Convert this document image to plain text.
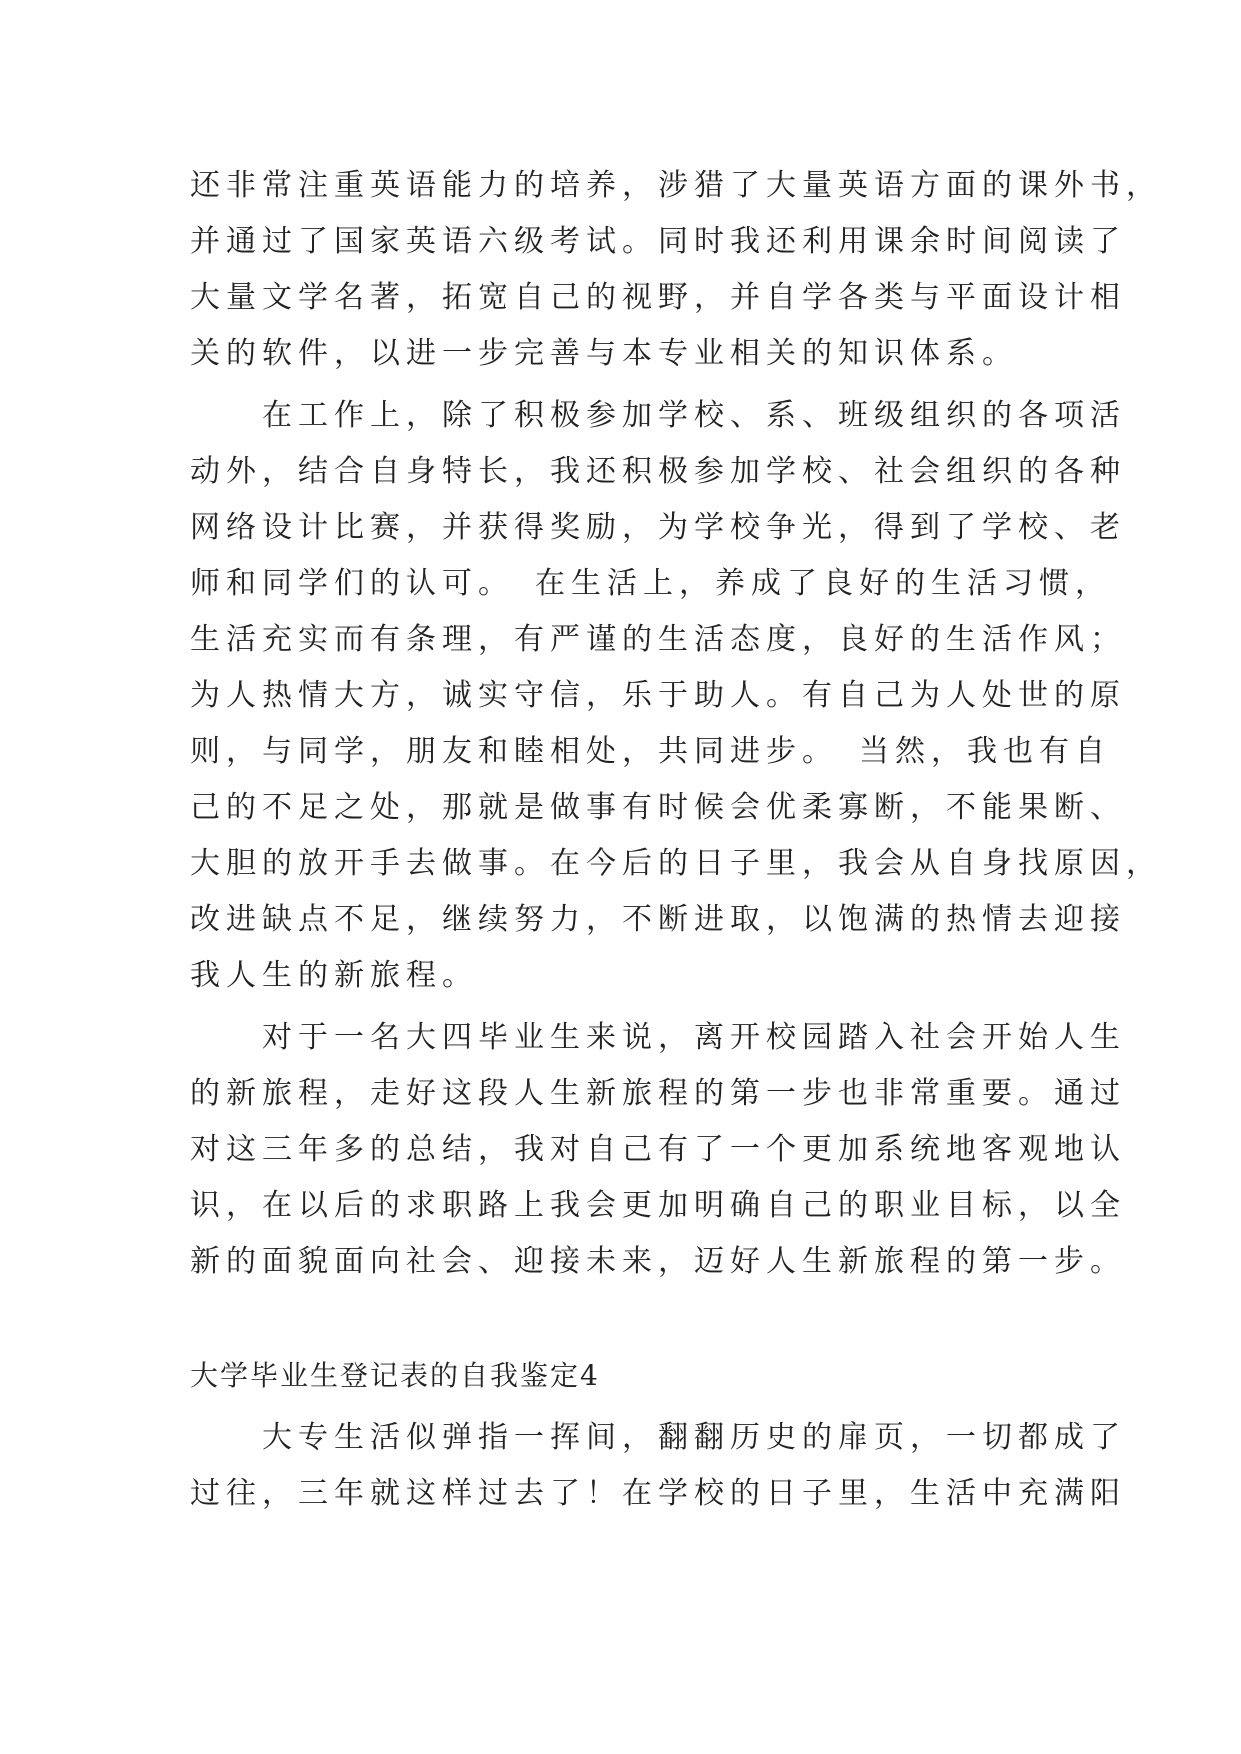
还非常注重英语能力的培养，涉猎了大量英语方面的课外书，
并通过了国家英语六级考试。同时我还利用课余时间阅读了
大量文学名著，拓宽自己的视野，并自学各类与平面设计相
关的软件，以进一步完善与本专业相关的知识体系。
　　在工作上，除了积极参加学校、系、班级组织的各项活
动外，结合自身特长，我还积极参加学校、社会组织的各种
网络设计比赛，并获得奖励，为学校争光，得到了学校、老
师和同学们的认可。　在生活上，养成了良好的生活习惯，
生活充实而有条理，有严谨的生活态度，良好的生活作风；
为人热情大方，诚实守信，乐于助人。有自己为人处世的原
则，与同学，朋友和睦相处，共同进步。　当然，我也有自
己的不足之处，那就是做事有时候会优柔寡断，不能果断、
大胆的放开手去做事。在今后的日子里，我会从自身找原因，
改进缺点不足，继续努力，不断进取，以饱满的热情去迎接
我人生的新旅程。
　　对于一名大四毕业生来说，离开校园踏入社会开始人生
的新旅程，走好这段人生新旅程的第一步也非常重要。通过
对这三年多的总结，我对自己有了一个更加系统地客观地认
识，在以后的求职路上我会更加明确自己的职业目标，以全
新的面貌面向社会、迎接未来，迈好人生新旅程的第一步。
大学毕业生登记表的自我鉴定4
　　大专生活似弹指一挥间，翻翻历史的扉页，一切都成了
过往，三年就这样过去了！在学校的日子里，生活中充满阳
